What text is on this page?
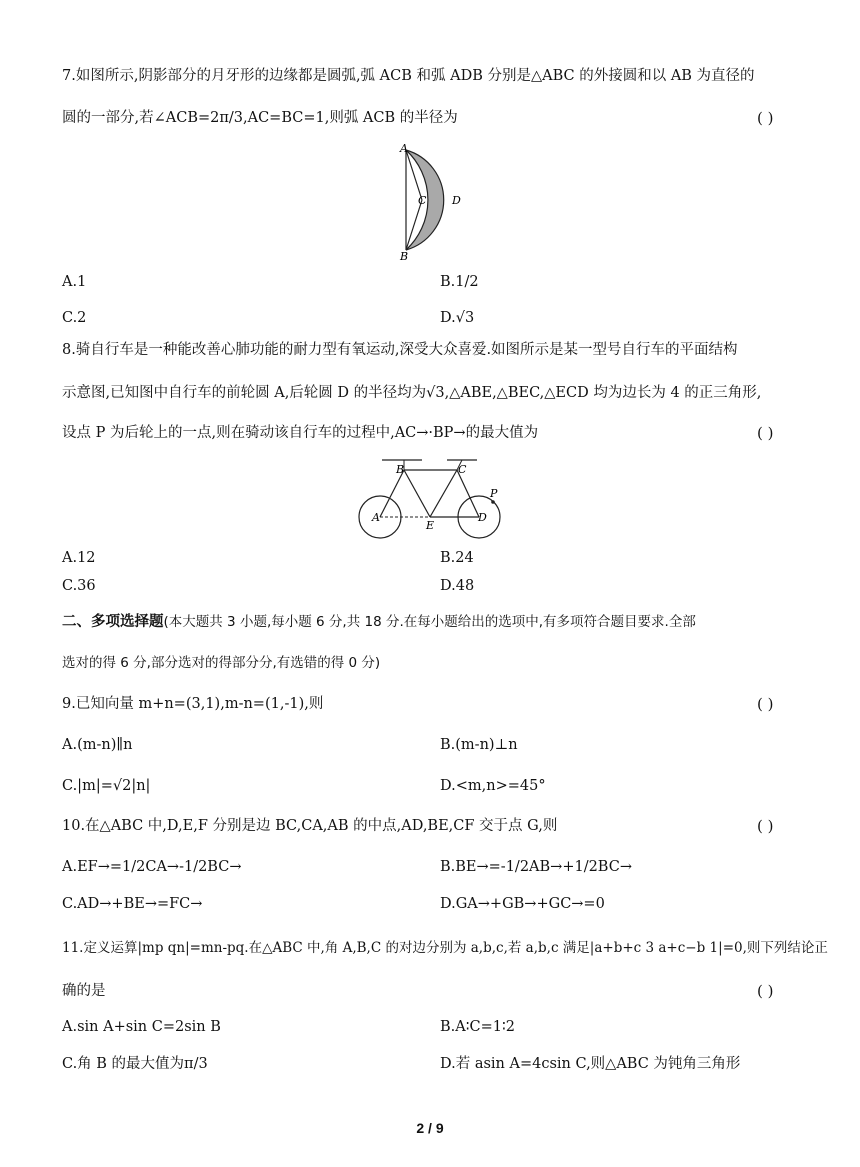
7.如图所示,阴影部分的月牙形的边缘都是圆弧,弧 ACB 和弧 ADB 分别是△ABC 的外接圆和以 AB 为直径的
圆的一部分,若∠ACB=2π/3,AC=BC=1,则弧 ACB 的半径为	( )
A
C D
B
A.1	B.1/2
C.2	D.√3
8.骑自行车是一种能改善心肺功能的耐力型有氧运动,深受大众喜爱.如图所示是某一型号自行车的平面结构
示意图,已知图中自行车的前轮圆 A,后轮圆 D 的半径均为√3,△ABE,△BEC,△ECD 均为边长为 4 的正三角形,
设点 P 为后轮上的一点,则在骑动该自行车的过程中,AC→·BP→的最大值为	( )
B	C
P
A
E
D
A.12	B.24
C.36	D.48
二、多项选择题(本大题共 3 小题,每小题 6 分,共 18 分.在每小题给出的选项中,有多项符合题目要求.全部
选对的得 6 分,部分选对的得部分分,有选错的得 0 分)
9.已知向量 m+n=(3,1),m-n=(1,-1),则	( )
A.(m-n)∥n	B.(m-n)⊥n
C.|m|=√2|n|	D.<m,n>=45°
10.在△ABC 中,D,E,F 分别是边 BC,CA,AB 的中点,AD,BE,CF 交于点 G,则	( )
A.EF→=1/2CA→-1/2BC→	B.BE→=-1/2AB→+1/2BC→
C.AD→+BE→=FC→	D.GA→+GB→+GC→=0
11.定义运算|mp qn|=mn-pq.在△ABC 中,角 A,B,C 的对边分别为 a,b,c,若 a,b,c 满足|a+b+c 3 a+c−b 1|=0,则下列结论正
确的是	( )
A.sin A+sin C=2sin B	B.A∶C=1∶2
C.角 B 的最大值为π/3	D.若 asin A=4csin C,则△ABC 为钝角三角形
2 / 9
